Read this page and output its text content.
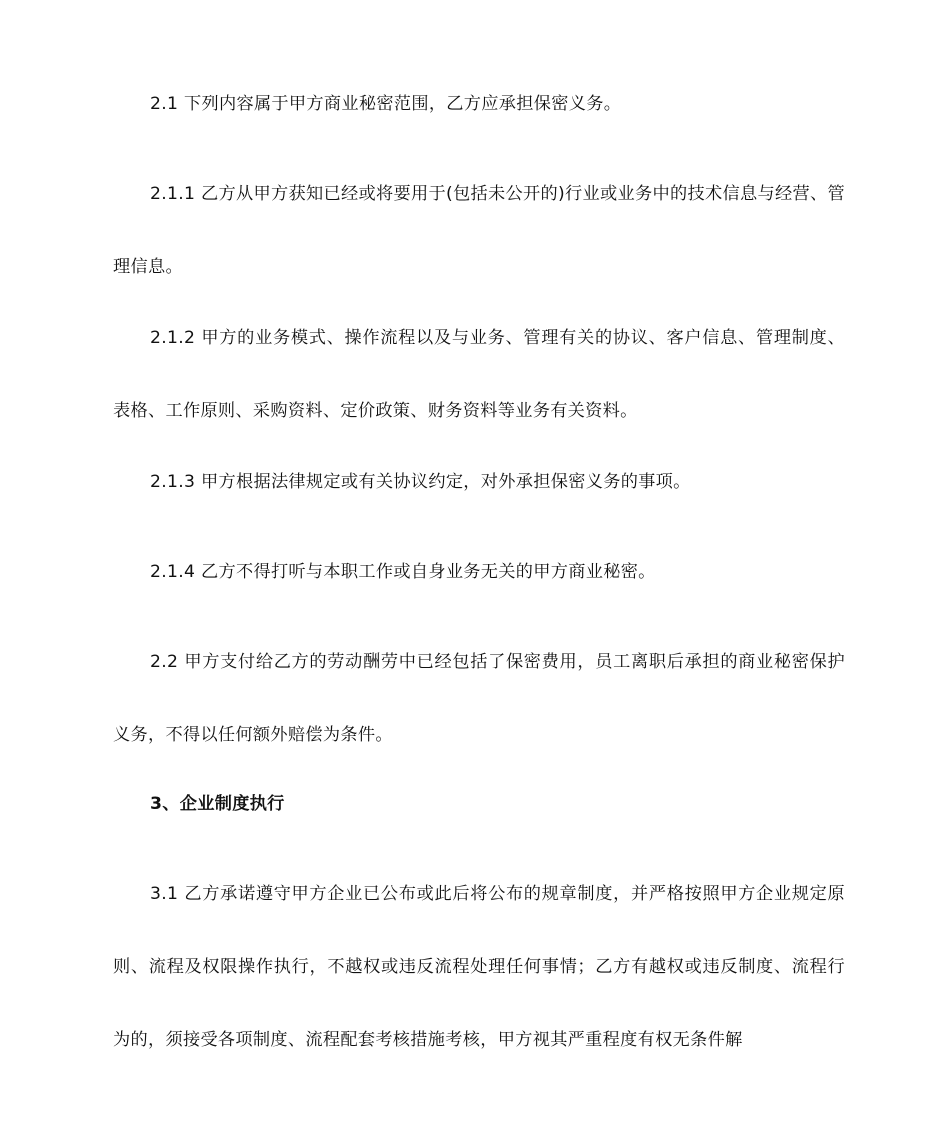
2.1 下列内容属于甲方商业秘密范围，乙方应承担保密义务。

2.1.1 乙方从甲方获知已经或将要用于(包括未公开的)行业或业务中的技术信息与经营、管理信息。

2.1.2 甲方的业务模式、操作流程以及与业务、管理有关的协议、客户信息、管理制度、表格、工作原则、采购资料、定价政策、财务资料等业务有关资料。

2.1.3 甲方根据法律规定或有关协议约定，对外承担保密义务的事项。

2.1.4 乙方不得打听与本职工作或自身业务无关的甲方商业秘密。

2.2 甲方支付给乙方的劳动酬劳中已经包括了保密费用，员工离职后承担的商业秘密保护义务，不得以任何额外赔偿为条件。

3、企业制度执行

3.1 乙方承诺遵守甲方企业已公布或此后将公布的规章制度，并严格按照甲方企业规定原则、流程及权限操作执行，不越权或违反流程处理任何事情；乙方有越权或违反制度、流程行为的，须接受各项制度、流程配套考核措施考核，甲方视其严重程度有权无条件解
